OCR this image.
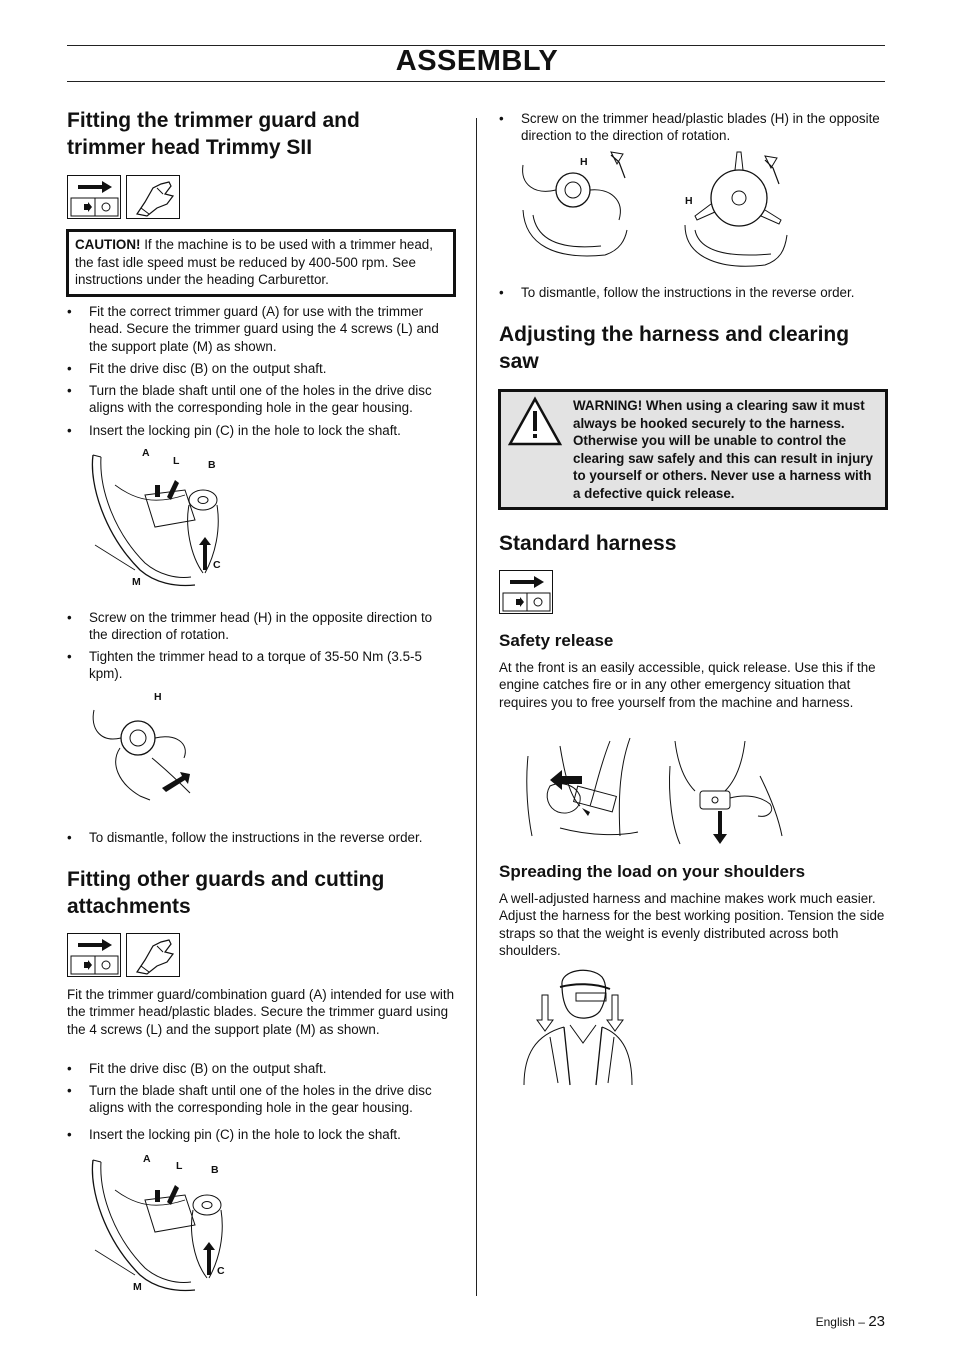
ASSEMBLY
Fitting the trimmer guard and trimmer head Trimmy SII
CAUTION! If the machine is to be used with a trimmer head, the fast idle speed must be reduced by 400-500 rpm. See instructions under the heading Carburettor.
• Fit the correct trimmer guard (A) for use with the trimmer head. Secure the trimmer guard using the 4 screws (L) and the support plate (M) as shown.
• Fit the drive disc (B) on the output shaft.
• Turn the blade shaft until one of the holes in the drive disc aligns with the corresponding hole in the gear housing.
• Insert the locking pin (C) in the hole to lock the shaft.
A
L	B
C
M
• Screw on the trimmer head (H) in the opposite direction to the direction of rotation.
• Tighten the trimmer head to a torque of 35-50 Nm (3.5-5 kpm).
H
• To dismantle, follow the instructions in the reverse order.
Fitting other guards and cutting attachments

Fit the trimmer guard/combination guard (A) intended for use with the trimmer head/plastic blades. Secure the trimmer guard using the 4 screws (L) and the support plate (M) as shown.

• Fit the drive disc (B) on the output shaft.
• Turn the blade shaft until one of the holes in the drive disc aligns with the corresponding hole in the gear housing.
• Insert the locking pin (C) in the hole to lock the shaft.
A
L	B
C
M
• Screw on the trimmer head/plastic blades (H) in the opposite direction to the direction of rotation.
H
H
• To dismantle, follow the instructions in the reverse order.
Adjusting the harness and clearing saw
WARNING! When using a clearing saw it must always be hooked securely to the harness. Otherwise you will be unable to control the clearing saw safely and this can result in injury to yourself or others. Never use a harness with a defective quick release.
Standard harness
Safety release

At the front is an easily accessible, quick release. Use this if the engine catches fire or in any other emergency situation that requires you to free yourself from the machine and harness.

Spreading the load on your shoulders

A well-adjusted harness and machine makes work much easier. Adjust the harness for the best working position. Tension the side straps so that the weight is evenly distributed across both shoulders.

English – 23
